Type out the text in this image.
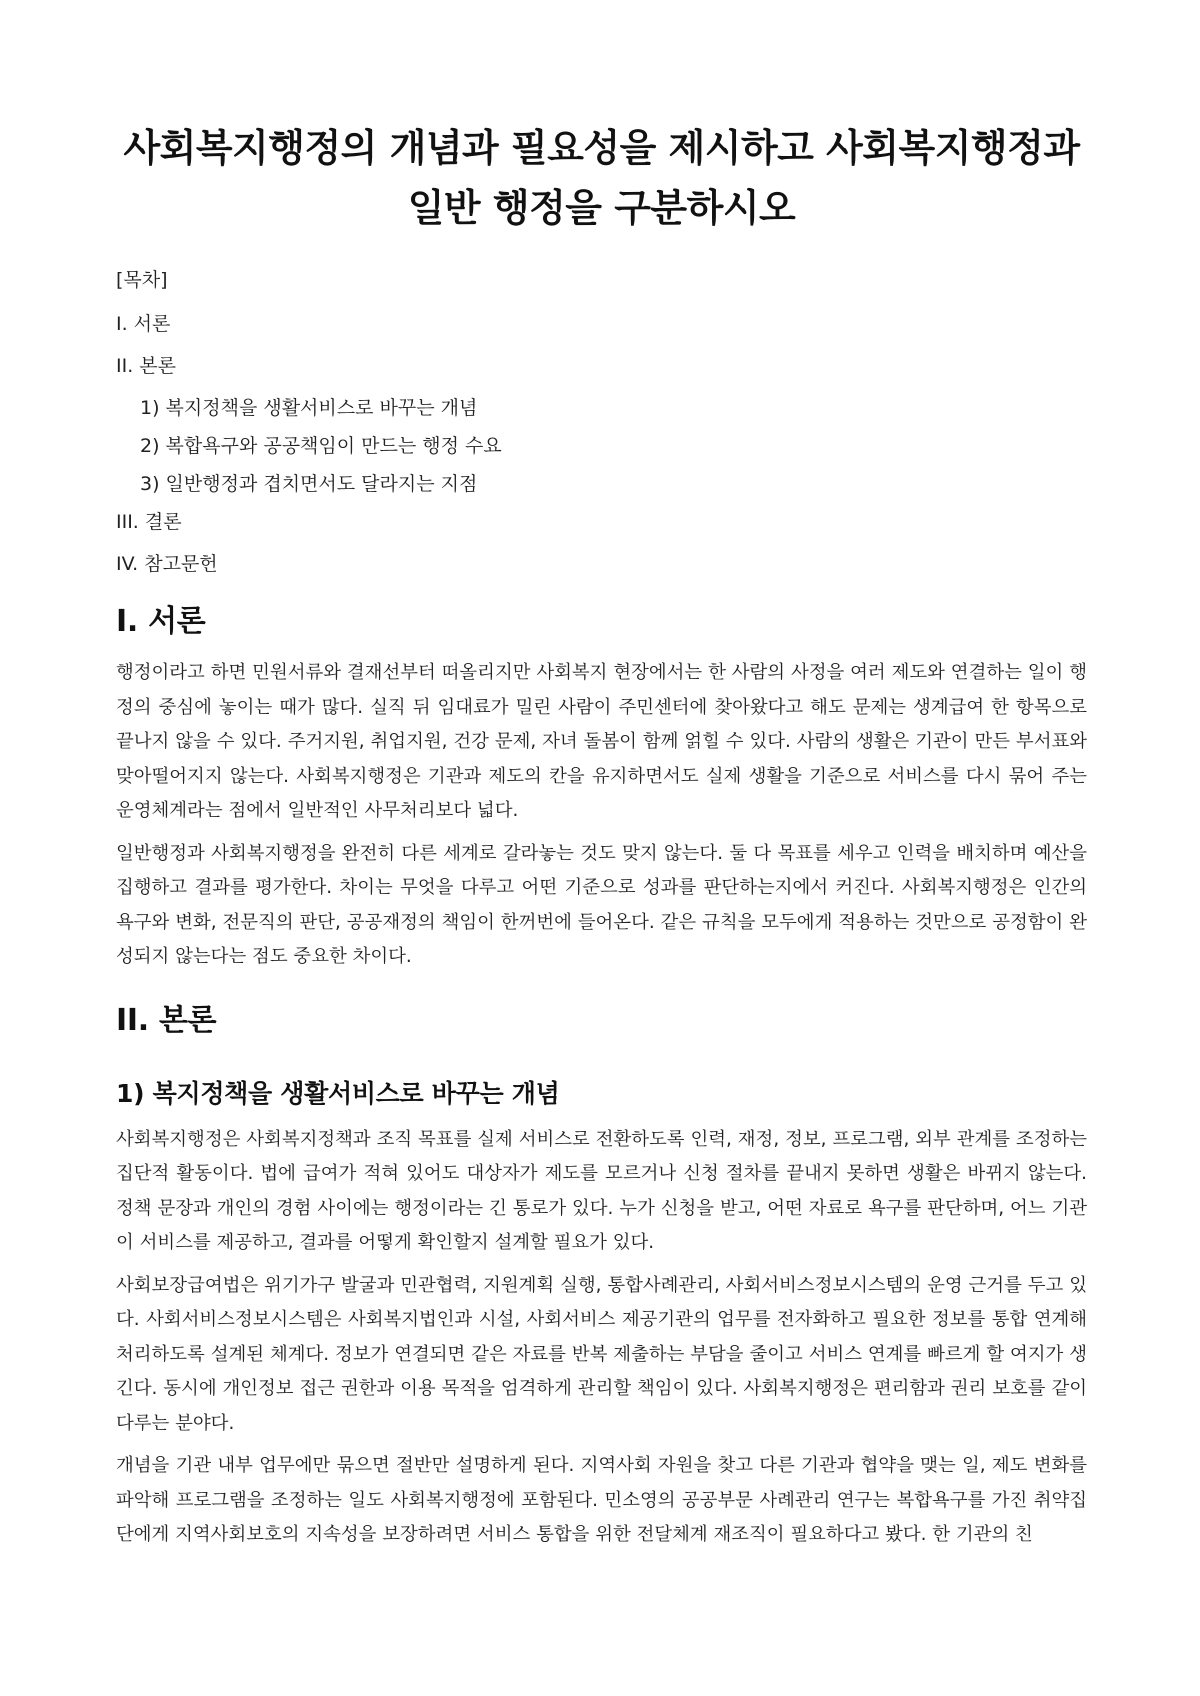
사회복지행정의 개념과 필요성을 제시하고 사회복지행정과 일반 행정을 구분하시오
[목차]
I. 서론
II. 본론
1) 복지정책을 생활서비스로 바꾸는 개념
2) 복합욕구와 공공책임이 만드는 행정 수요
3) 일반행정과 겹치면서도 달라지는 지점
III. 결론
IV. 참고문헌
I. 서론

행정이라고 하면 민원서류와 결재선부터 떠올리지만 사회복지 현장에서는 한 사람의 사정을 여러 제도와 연결하는 일이 행정의 중심에 놓이는 때가 많다. 실직 뒤 임대료가 밀린 사람이 주민센터에 찾아왔다고 해도 문제는 생계급여 한 항목으로 끝나지 않을 수 있다. 주거지원, 취업지원, 건강 문제, 자녀 돌봄이 함께 얽힐 수 있다. 사람의 생활은 기관이 만든 부서표와 맞아떨어지지 않는다. 사회복지행정은 기관과 제도의 칸을 유지하면서도 실제 생활을 기준으로 서비스를 다시 묶어 주는 운영체계라는 점에서 일반적인 사무처리보다 넓다.

일반행정과 사회복지행정을 완전히 다른 세계로 갈라놓는 것도 맞지 않는다. 둘 다 목표를 세우고 인력을 배치하며 예산을 집행하고 결과를 평가한다. 차이는 무엇을 다루고 어떤 기준으로 성과를 판단하는지에서 커진다. 사회복지행정은 인간의 욕구와 변화, 전문직의 판단, 공공재정의 책임이 한꺼번에 들어온다. 같은 규칙을 모두에게 적용하는 것만으로 공정함이 완성되지 않는다는 점도 중요한 차이다.

II. 본론
1) 복지정책을 생활서비스로 바꾸는 개념

사회복지행정은 사회복지정책과 조직 목표를 실제 서비스로 전환하도록 인력, 재정, 정보, 프로그램, 외부 관계를 조정하는 집단적 활동이다. 법에 급여가 적혀 있어도 대상자가 제도를 모르거나 신청 절차를 끝내지 못하면 생활은 바뀌지 않는다. 정책 문장과 개인의 경험 사이에는 행정이라는 긴 통로가 있다. 누가 신청을 받고, 어떤 자료로 욕구를 판단하며, 어느 기관이 서비스를 제공하고, 결과를 어떻게 확인할지 설계할 필요가 있다.

사회보장급여법은 위기가구 발굴과 민관협력, 지원계획 실행, 통합사례관리, 사회서비스정보시스템의 운영 근거를 두고 있다. 사회서비스정보시스템은 사회복지법인과 시설, 사회서비스 제공기관의 업무를 전자화하고 필요한 정보를 통합 연계해 처리하도록 설계된 체계다. 정보가 연결되면 같은 자료를 반복 제출하는 부담을 줄이고 서비스 연계를 빠르게 할 여지가 생긴다. 동시에 개인정보 접근 권한과 이용 목적을 엄격하게 관리할 책임이 있다. 사회복지행정은 편리함과 권리 보호를 같이 다루는 분야다.

개념을 기관 내부 업무에만 묶으면 절반만 설명하게 된다. 지역사회 자원을 찾고 다른 기관과 협약을 맺는 일, 제도 변화를 파악해 프로그램을 조정하는 일도 사회복지행정에 포함된다. 민소영의 공공부문 사례관리 연구는 복합욕구를 가진 취약집단에게 지역사회보호의 지속성을 보장하려면 서비스 통합을 위한 전달체계 재조직이 필요하다고 봤다. 한 기관의 친
